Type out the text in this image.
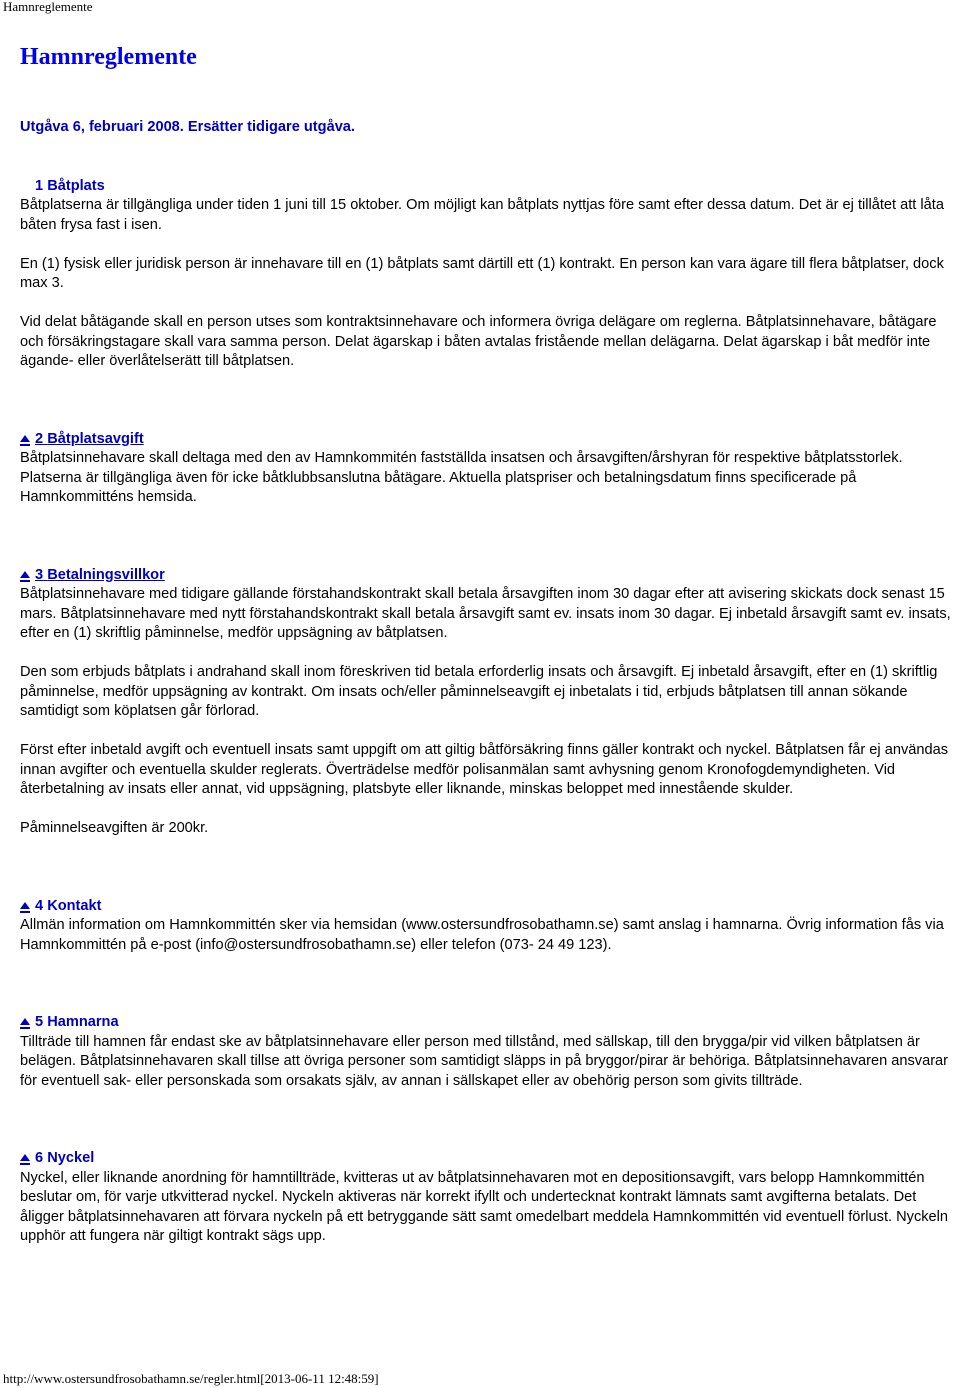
Hamnreglemente
Hamnreglemente

Utgåva 6, februari 2008. Ersätter tidigare utgåva.

1 Båtplats

Båtplatserna är tillgängliga under tiden 1 juni till 15 oktober. Om möjligt kan båtplats nyttjas före samt efter dessa datum. Det är ej tillåtet att låta båten frysa fast i isen.

En (1) fysisk eller juridisk person är innehavare till en (1) båtplats samt därtill ett (1) kontrakt. En person kan vara ägare till flera båtplatser, dock max 3.

Vid delat båtägande skall en person utses som kontraktsinnehavare och informera övriga delägare om reglerna. Båtplatsinnehavare, båtägare och försäkringstagare skall vara samma person. Delat ägarskap i båten avtalas fristående mellan delägarna. Delat ägarskap i båt medför inte ägande- eller överlåtelserätt till båtplatsen.

2 Båtplatsavgift

Båtplatsinnehavare skall deltaga med den av Hamnkommitén fastställda insatsen och årsavgiften/årshyran för respektive båtplatsstorlek. Platserna är tillgängliga även för icke båtklubbsanslutna båtägare. Aktuella platspriser och betalningsdatum finns specificerade på Hamnkommitténs hemsida.

3 Betalningsvillkor

Båtplatsinnehavare med tidigare gällande förstahandskontrakt skall betala årsavgiften inom 30 dagar efter att avisering skickats dock senast 15 mars. Båtplatsinnehavare med nytt förstahandskontrakt skall betala årsavgift samt ev. insats inom 30 dagar. Ej inbetald årsavgift samt ev. insats, efter en (1) skriftlig påminnelse, medför uppsägning av båtplatsen.

Den som erbjuds båtplats i andrahand skall inom föreskriven tid betala erforderlig insats och årsavgift. Ej inbetald årsavgift, efter en (1) skriftlig påminnelse, medför uppsägning av kontrakt. Om insats och/eller påminnelseavgift ej inbetalats i tid, erbjuds båtplatsen till annan sökande samtidigt som köplatsen går förlorad.

Först efter inbetald avgift och eventuell insats samt uppgift om att giltig båtförsäkring finns gäller kontrakt och nyckel. Båtplatsen får ej användas innan avgifter och eventuella skulder reglerats. Överträdelse medför polisanmälan samt avhysning genom Kronofogdemyndigheten. Vid återbetalning av insats eller annat, vid uppsägning, platsbyte eller liknande, minskas beloppet med innestående skulder.

Påminnelseavgiften är 200kr.

4 Kontakt

Allmän information om Hamnkommittén sker via hemsidan (www.ostersundfrosobathamn.se) samt anslag i hamnarna. Övrig information fås via Hamnkommittén på e-post (info@ostersundfrosobathamn.se) eller telefon (073- 24 49 123).

5 Hamnarna

Tillträde till hamnen får endast ske av båtplatsinnehavare eller person med tillstånd, med sällskap, till den brygga/pir vid vilken båtplatsen är belägen. Båtplatsinnehavaren skall tillse att övriga personer som samtidigt släpps in på bryggor/pirar är behöriga. Båtplatsinnehavaren ansvarar för eventuell sak- eller personskada som orsakats själv, av annan i sällskapet eller av obehörig person som givits tillträde.

6 Nyckel

Nyckel, eller liknande anordning för hamntillträde, kvitteras ut av båtplatsinnehavaren mot en depositionsavgift, vars belopp Hamnkommittén beslutar om, för varje utkvitterad nyckel. Nyckeln aktiveras när korrekt ifyllt och undertecknat kontrakt lämnats samt avgifterna betalats. Det åligger båtplatsinnehavaren att förvara nyckeln på ett betryggande sätt samt omedelbart meddela Hamnkommittén vid eventuell förlust. Nyckeln upphör att fungera när giltigt kontrakt sägs upp.

http://www.ostersundfrosobathamn.se/regler.html[2013-06-11 12:48:59]
